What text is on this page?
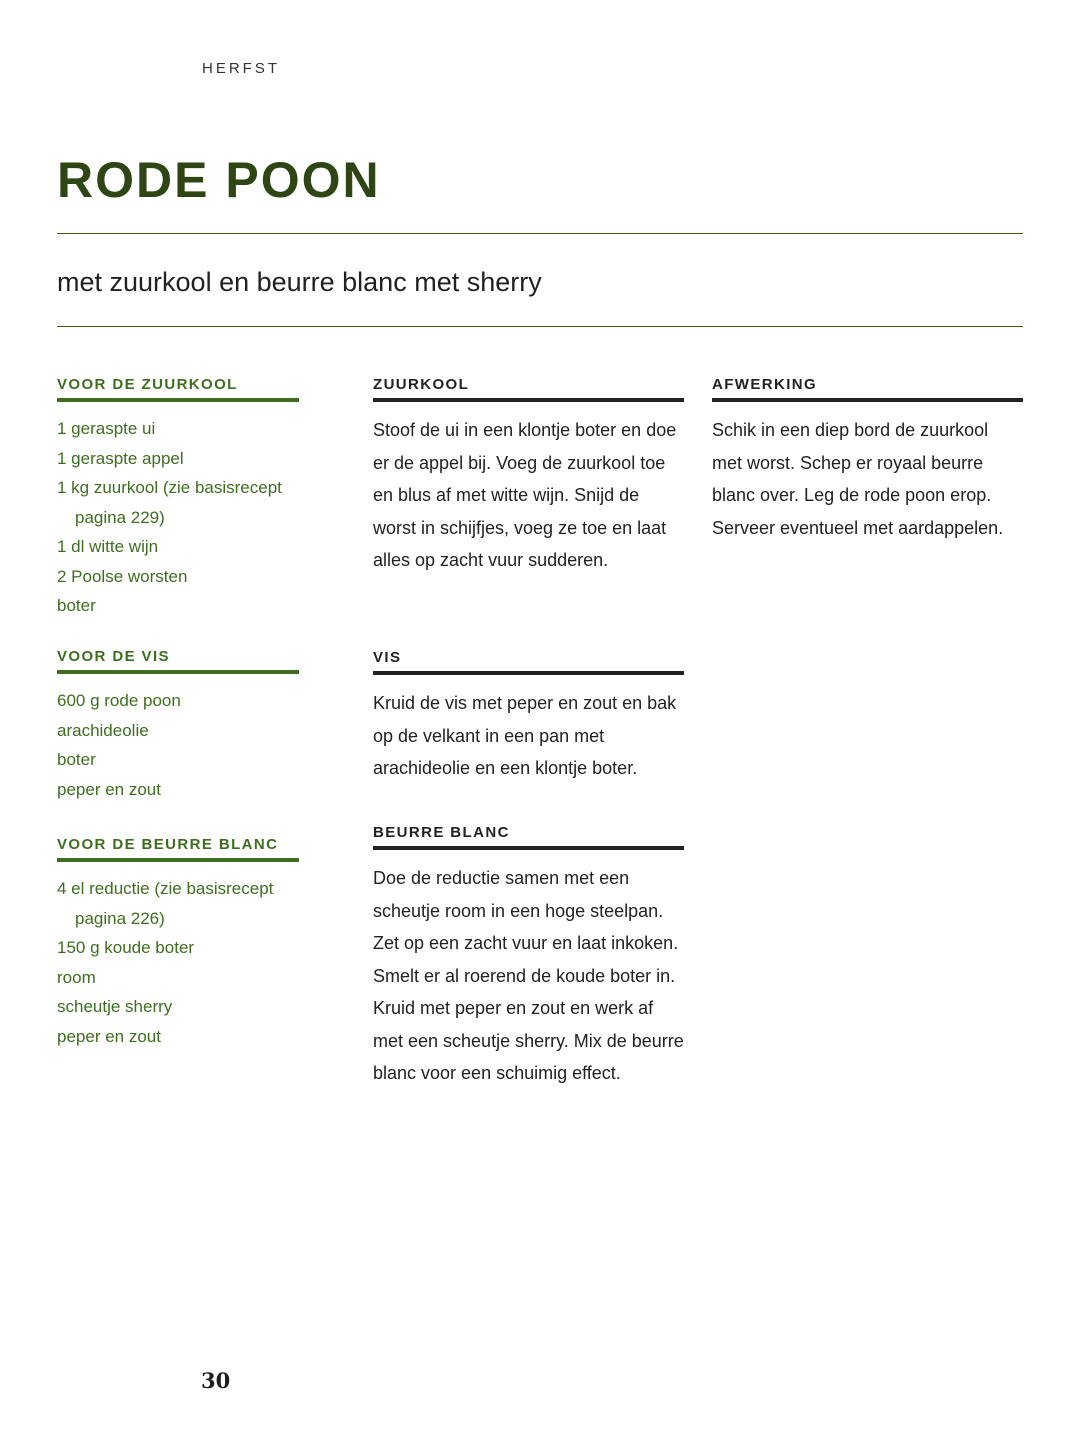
HERFST
RODE POON
met zuurkool en beurre blanc met sherry
VOOR DE ZUURKOOL
1 geraspte ui
1 geraspte appel
1 kg zuurkool (zie basisrecept pagina 229)
1 dl witte wijn
2 Poolse worsten
boter
VOOR DE VIS
600 g rode poon
arachideolie
boter
peper en zout
VOOR DE BEURRE BLANC
4 el reductie (zie basisrecept pagina 226)
150 g koude boter
room
scheutje sherry
peper en zout
ZUURKOOL

Stoof de ui in een klontje boter en doe er de appel bij. Voeg de zuurkool toe en blus af met witte wijn. Snijd de worst in schijfjes, voeg ze toe en laat alles op zacht vuur sudderen.

VIS

Kruid de vis met peper en zout en bak op de velkant in een pan met arachideolie en een klontje boter.

BEURRE BLANC

Doe de reductie samen met een scheutje room in een hoge steelpan. Zet op een zacht vuur en laat inkoken. Smelt er al roerend de koude boter in. Kruid met peper en zout en werk af met een scheutje sherry. Mix de beurre blanc voor een schuimig effect.

AFWERKING

Schik in een diep bord de zuurkool met worst. Schep er royaal beurre blanc over. Leg de rode poon erop. Serveer eventueel met aardappelen.

30
